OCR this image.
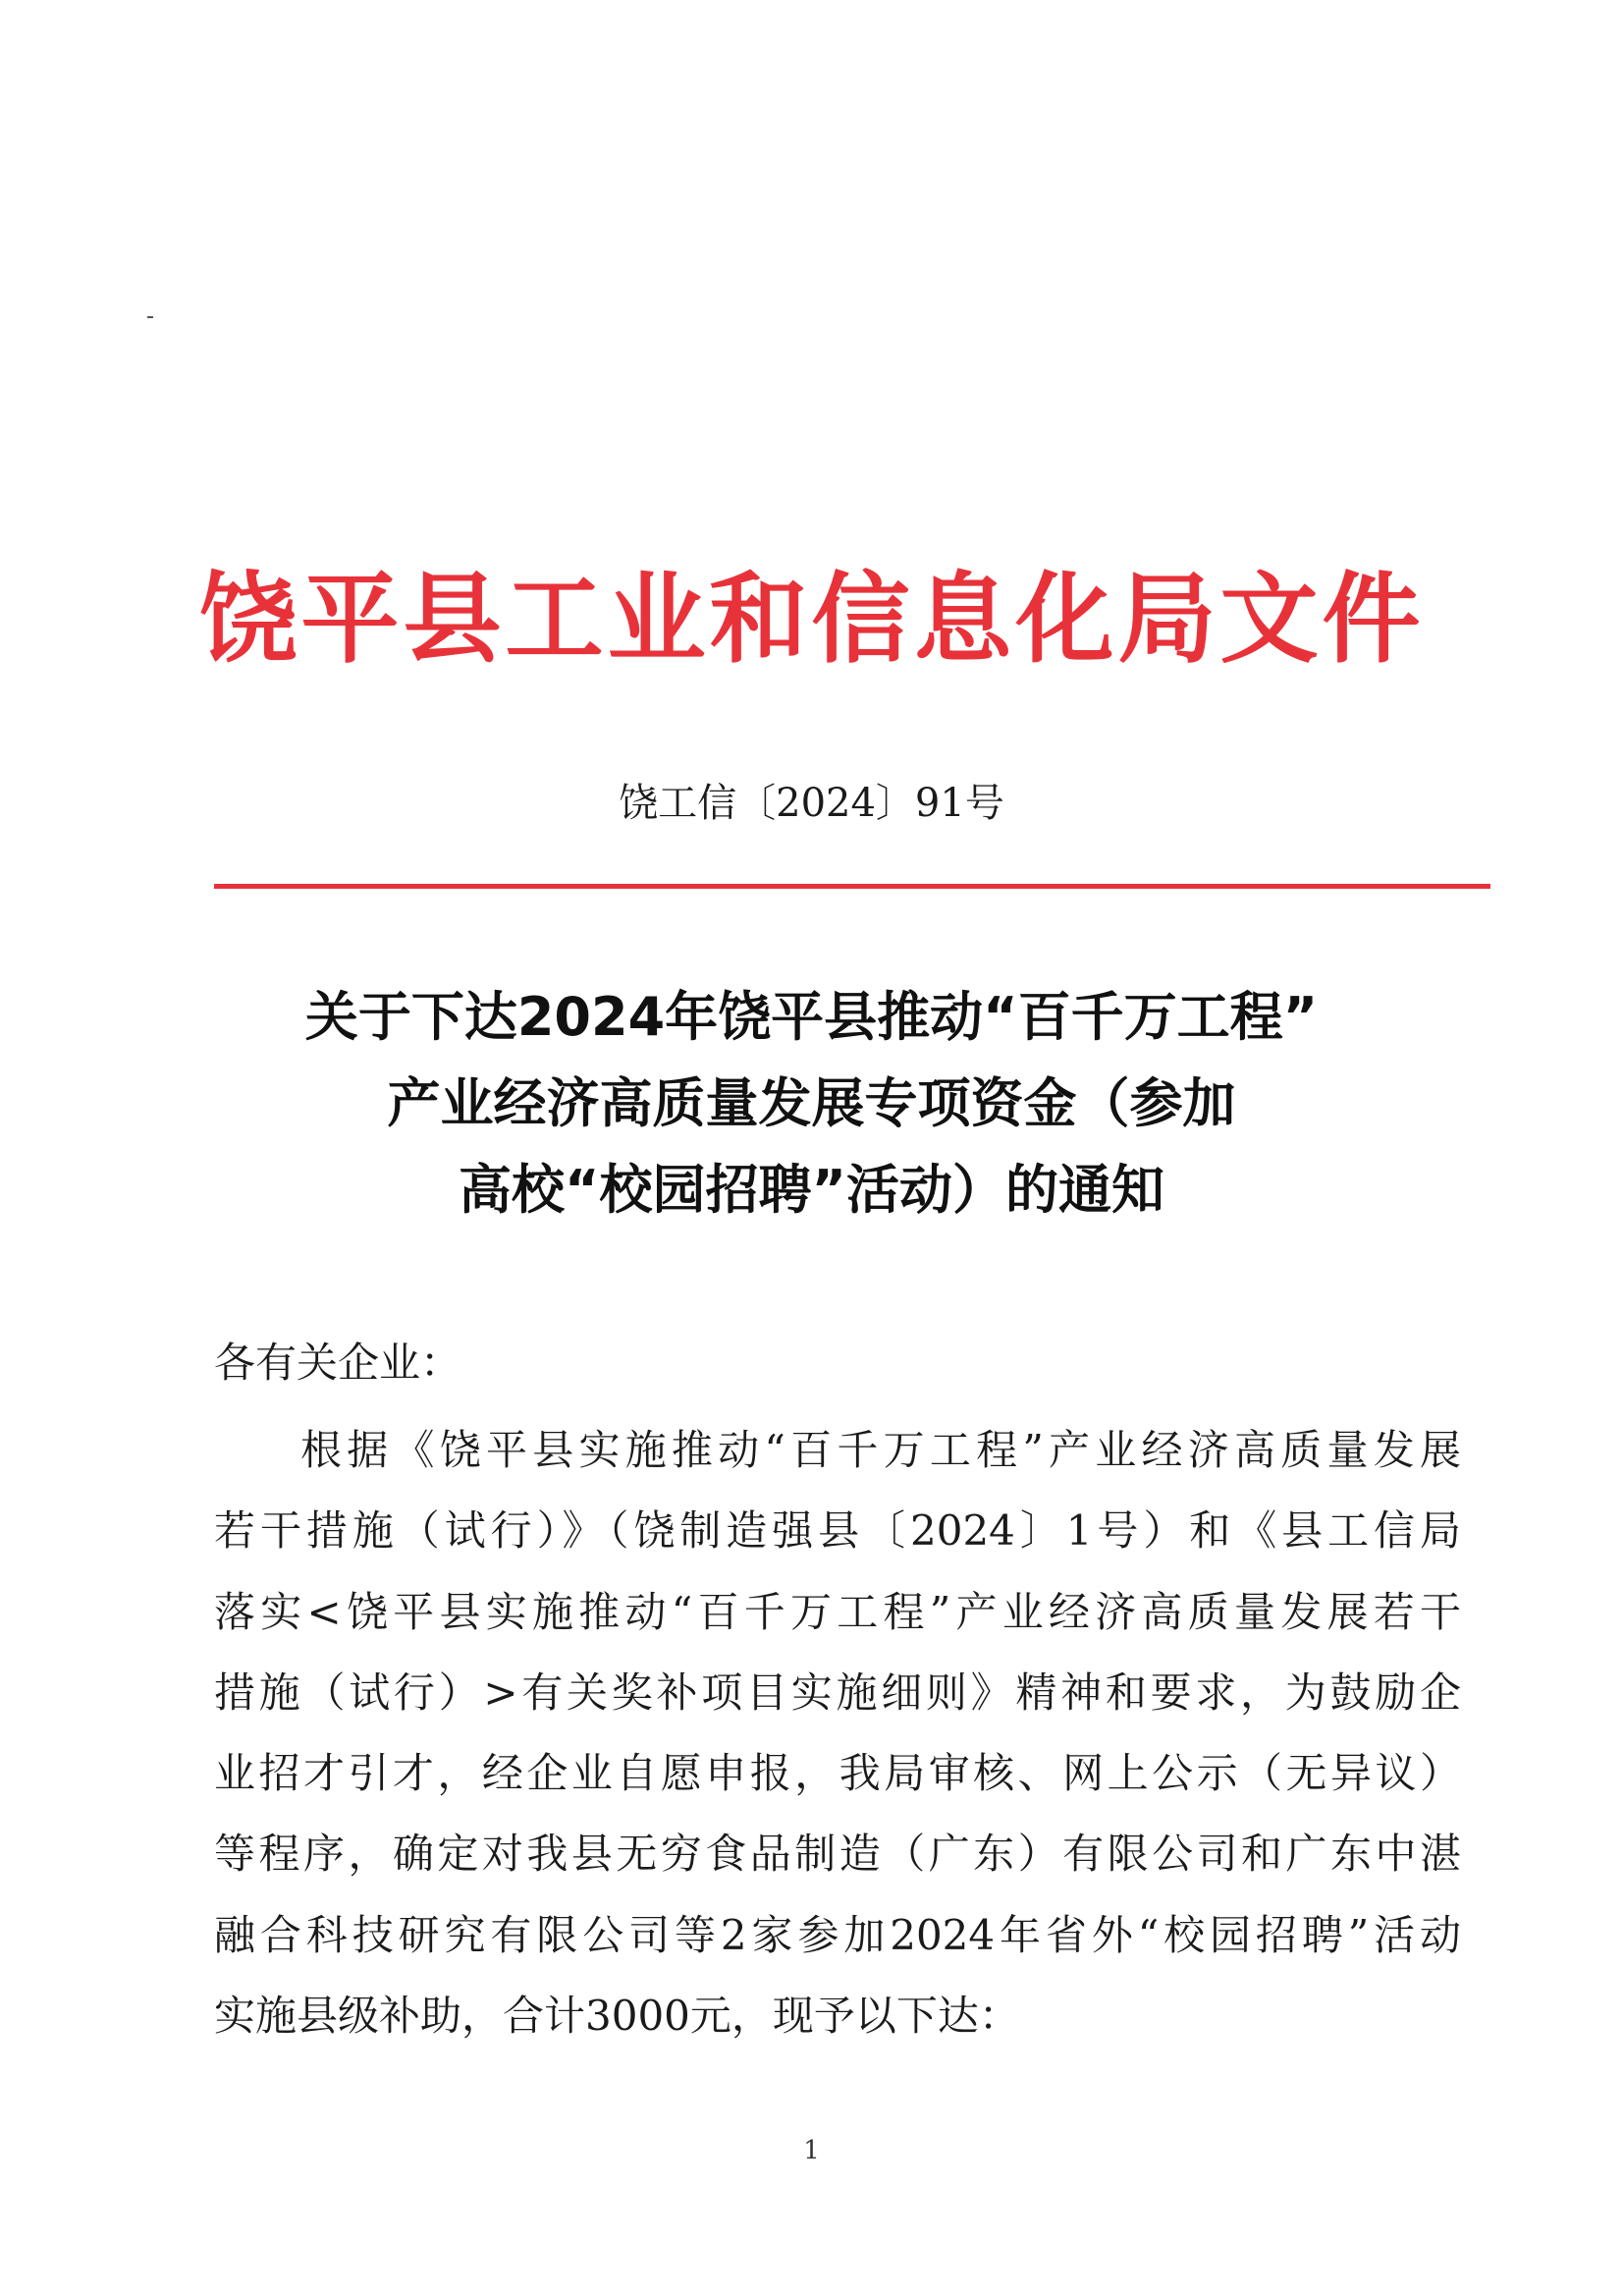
饶平县工业和信息化局文件
饶工信〔2024〕91号
关于下达2024年饶平县推动“百千万工程”
产业经济高质量发展专项资金（参加
高校“校园招聘”活动）的通知
各有关企业：
根据《饶平县实施推动“百千万工程”产业经济高质量发展
若干措施（试行）》（饶制造强县〔2024〕1号）和《县工信局
落实<饶平县实施推动“百千万工程”产业经济高质量发展若干
措施（试行）>有关奖补项目实施细则》精神和要求，为鼓励企
业招才引才，经企业自愿申报，我局审核、网上公示（无异议）
等程序，确定对我县无穷食品制造（广东）有限公司和广东中湛
融合科技研究有限公司等2家参加2024年省外“校园招聘”活动
实施县级补助，合计3000元，现予以下达：
1
